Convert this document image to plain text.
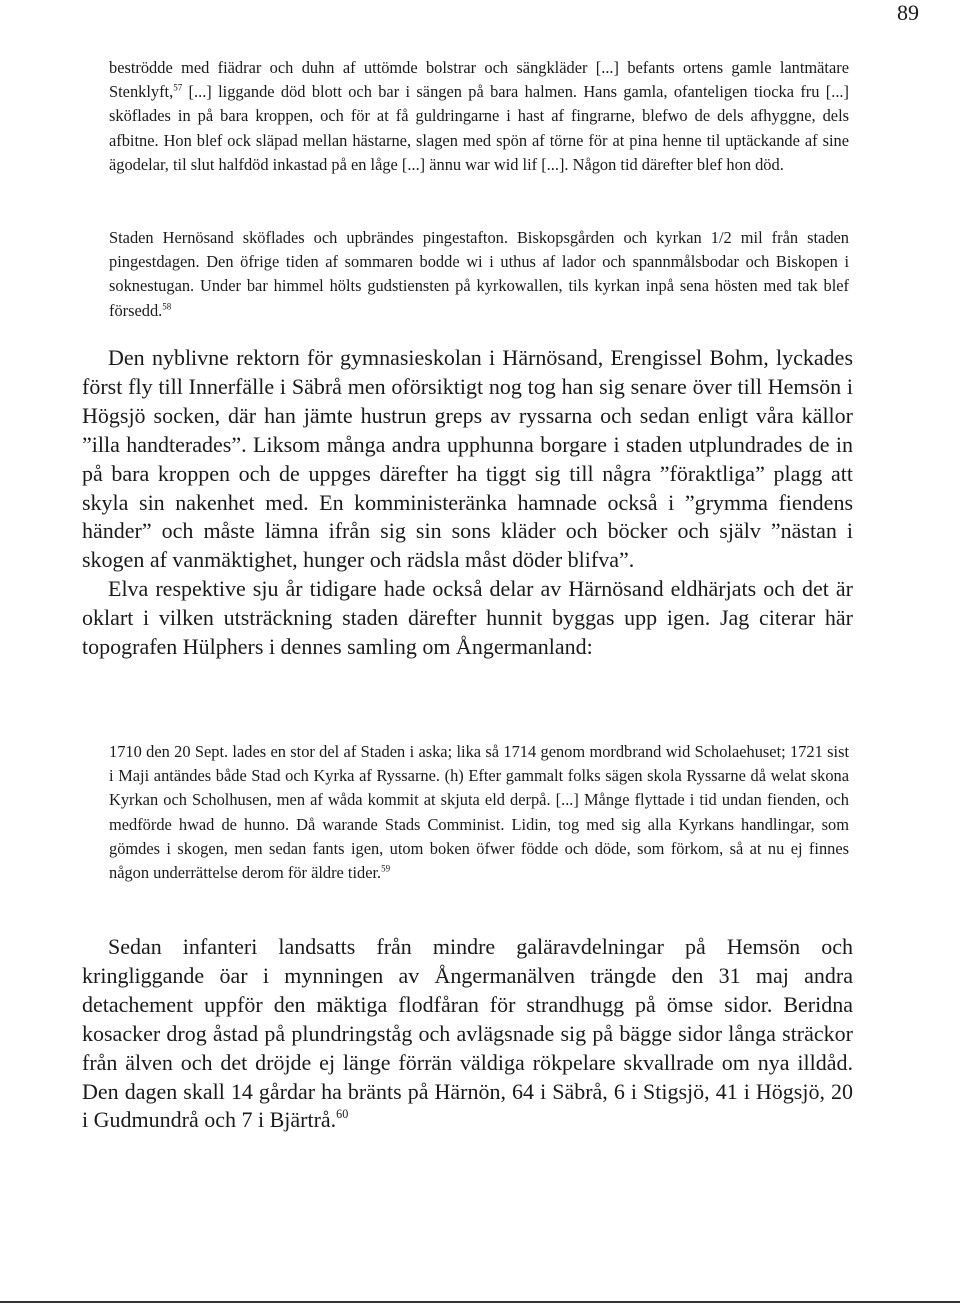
89

beströdde med fiädrar och duhn af uttömde bolstrar och sängkläder [...] befants ortens gamle lantmätare Stenklyft,$^{57}$ [...] liggande död blott och bar i sängen på bara halmen. Hans gamla, ofanteligen tiocka fru [...] sköflades in på bara kroppen, och för at få guldringarne i hast af fingrarne, blefwo de dels afhyggne, dels afbitne. Hon blef ock släpad mellan hästarne, slagen med spön af törne för at pina henne til uptäckande af sine ägodelar, til slut halfdöd inkastad på en låge [...] ännu war wid lif [...]. Någon tid därefter blef hon död.

Staden Hernösand sköflades och upbrändes pingestafton. Biskopsgården och kyrkan 1/2 mil från staden pingestdagen. Den öfrige tiden af sommaren bodde wi i uthus af lador och spannmålsbodar och Biskopen i soknestugan. Under bar himmel hölts gudstiensten på kyrkowallen, tils kyrkan inpå sena hösten med tak blef försedd.$^{58}$

Den nyblivne rektorn för gymnasieskolan i Härnösand, Erengissel Bohm, lyckades först fly till Innerfälle i Säbrå men oförsiktigt nog tog han sig senare över till Hemsön i Högsjö socken, där han jämte hustrun greps av ryssarna och sedan enligt våra källor ”illa handterades”. Liksom många andra upphunna borgare i staden utplundrades de in på bara kroppen och de uppges därefter ha tiggt sig till några ”föraktliga” plagg att skyla sin nakenhet med. En komministeränka hamnade också i ”grymma fiendens händer” och måste lämna ifrån sig sin sons kläder och böcker och själv ”nästan i skogen af vanmäktighet, hunger och rädsla måst döder blifva”.

Elva respektive sju år tidigare hade också delar av Härnösand eldhärjats och det är oklart i vilken utsträckning staden därefter hunnit byggas upp igen. Jag citerar här topografen Hülphers i dennes samling om Ångermanland:

1710 den 20 Sept. lades en stor del af Staden i aska; lika så 1714 genom mordbrand wid Scholaehuset; 1721 sist i Maji antändes både Stad och Kyrka af Ryssarne. (h) Efter gammalt folks sägen skola Ryssarne då welat skona Kyrkan och Scholhusen, men af wåda kommit at skjuta eld derpå. [...] Månge flyttade i tid undan fienden, och medförde hwad de hunno. Då warande Stads Comminist. Lidin, tog med sig alla Kyrkans handlingar, som gömdes i skogen, men sedan fants igen, utom boken öfwer födde och döde, som förkom, så at nu ej finnes någon underrättelse derom för äldre tider.$^{59}$

Sedan infanteri landsatts från mindre galäravdelningar på Hemsön och kringliggande öar i mynningen av Ångermanälven trängde den 31 maj andra detachement uppför den mäktiga flodfåran för strandhugg på ömse sidor. Beridna kosacker drog åstad på plundringståg och avlägsnade sig på bägge sidor långa sträckor från älven och det dröjde ej länge förrän väldiga rökpelare skvallrade om nya illdåd. Den dagen skall 14 gårdar ha bränts på Härnön, 64 i Säbrå, 6 i Stigsjö, 41 i Högsjö, 20 i Gudmundrå och 7 i Bjärtrå.$^{60}$
